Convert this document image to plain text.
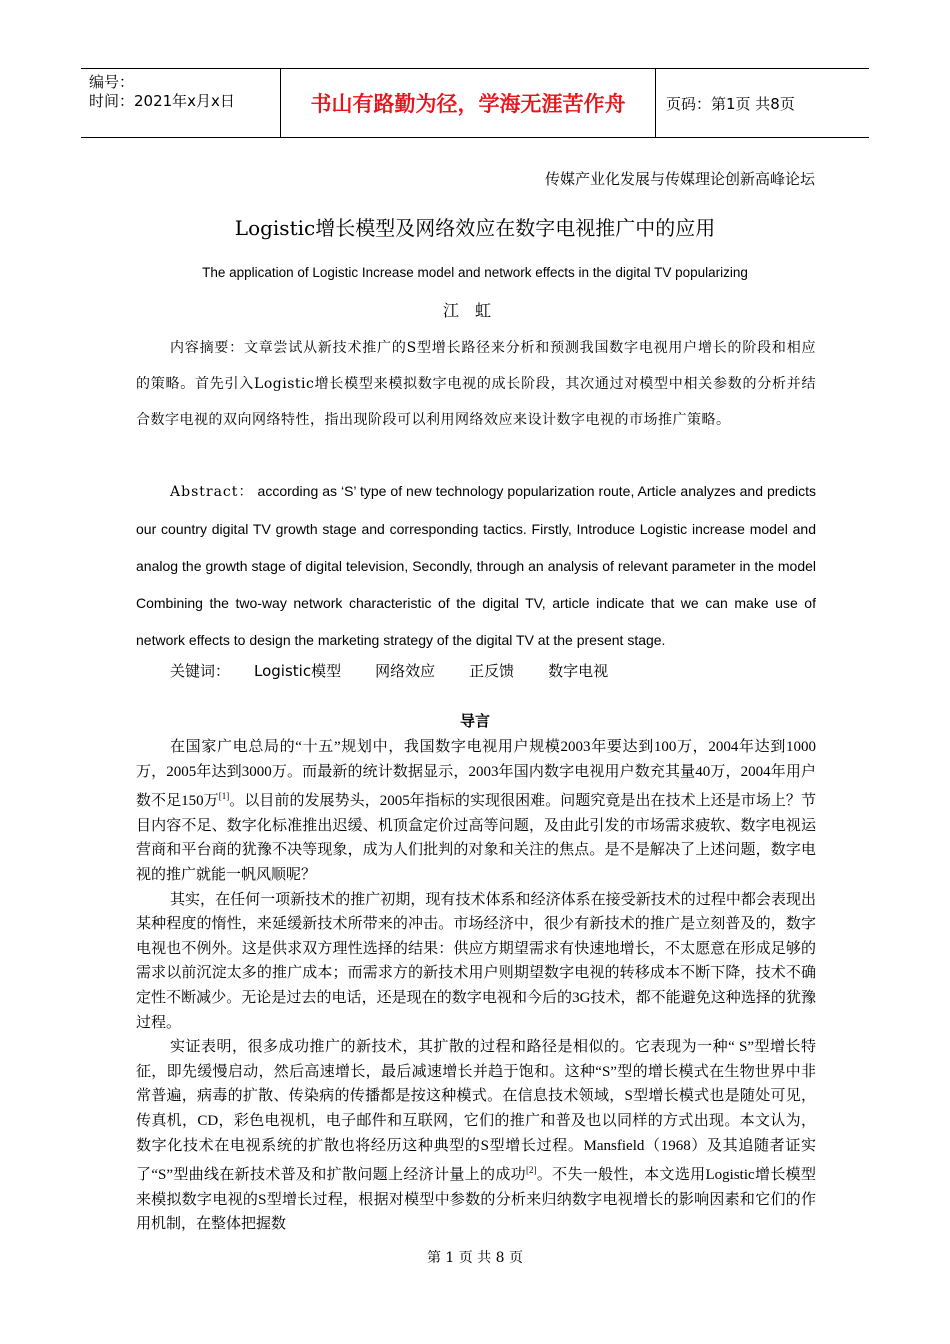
编号：
时间：2021年x月x日	书山有路勤为径，学海无涯苦作舟	页码：第1页 共8页
传媒产业化发展与传媒理论创新高峰论坛
Logistic增长模型及网络效应在数字电视推广中的应用
The application of Logistic Increase model and network effects in the digital TV popularizing
江虹
内容摘要：文章尝试从新技术推广的S型增长路径来分析和预测我国数字电视用户增长的阶段和相应的策略。首先引入Logistic增长模型来模拟数字电视的成长阶段，其次通过对模型中相关参数的分析并结合数字电视的双向网络特性，指出现阶段可以利用网络效应来设计数字电视的市场推广策略。
Abstract： according as ‘S’ type of new technology popularization route, Article analyzes and predicts our country digital TV growth stage and corresponding tactics. Firstly, Introduce Logistic increase model and analog the growth stage of digital television, Secondly, through an analysis of relevant parameter in the model Combining the two-way network characteristic of the digital TV, article indicate that we can make use of network effects to design the marketing strategy of the digital TV at the present stage.
关键词： Logistic模型 网络效应 正反馈 数字电视
导言

在国家广电总局的“十五”规划中，我国数字电视用户规模2003年要达到100万，2004年达到1000万，2005年达到3000万。而最新的统计数据显示，2003年国内数字电视用户数充其量40万，2004年用户数不足150万[1]。以目前的发展势头，2005年指标的实现很困难。问题究竟是出在技术上还是市场上？节目内容不足、数字化标准推出迟缓、机顶盒定价过高等问题，及由此引发的市场需求疲软、数字电视运营商和平台商的犹豫不决等现象，成为人们批判的对象和关注的焦点。是不是解决了上述问题，数字电视的推广就能一帆风顺呢？

其实，在任何一项新技术的推广初期，现有技术体系和经济体系在接受新技术的过程中都会表现出某种程度的惰性，来延缓新技术所带来的冲击。市场经济中，很少有新技术的推广是立刻普及的，数字电视也不例外。这是供求双方理性选择的结果：供应方期望需求有快速地增长，不太愿意在形成足够的需求以前沉淀太多的推广成本；而需求方的新技术用户则期望数字电视的转移成本不断下降，技术不确定性不断减少。无论是过去的电话，还是现在的数字电视和今后的3G技术，都不能避免这种选择的犹豫过程。

实证表明，很多成功推广的新技术，其扩散的过程和路径是相似的。它表现为一种“ S”型增长特征，即先缓慢启动，然后高速增长，最后减速增长并趋于饱和。这种“S”型的增长模式在生物世界中非常普遍，病毒的扩散、传染病的传播都是按这种模式。在信息技术领域，S型增长模式也是随处可见，传真机，CD，彩色电视机，电子邮件和互联网，它们的推广和普及也以同样的方式出现。本文认为，数字化技术在电视系统的扩散也将经历这种典型的S型增长过程。Mansfield（1968）及其追随者证实了“S”型曲线在新技术普及和扩散问题上经济计量上的成功[2]。不失一般性，本文选用Logistic增长模型来模拟数字电视的S型增长过程，根据对模型中参数的分析来归纳数字电视增长的影响因素和它们的作用机制，在整体把握数

第 1 页 共 8 页
